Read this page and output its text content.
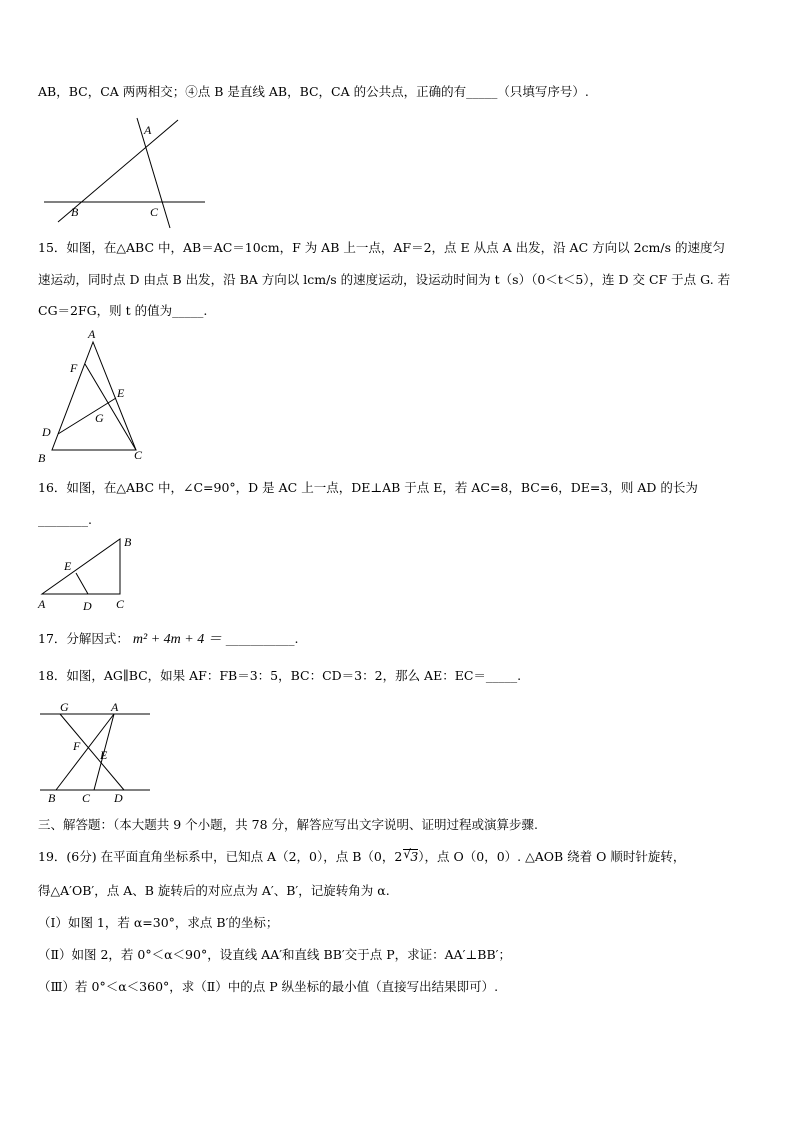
AB，BC，CA 两两相交；④点 B 是直线 AB，BC，CA 的公共点，正确的有_____（只填写序号）.
A
B	C
15．如图，在△ABC 中，AB＝AC＝10cm，F 为 AB 上一点，AF＝2，点 E 从点 A 出发，沿 AC 方向以 2cm/s 的速度匀
速运动，同时点 D 由点 B 出发，沿 BA 方向以 lcm/s 的速度运动，设运动时间为 t（s）（0＜t＜5），连 D 交 CF 于点 G. 若
CG＝2FG，则 t 的值为_____.
A
F
E
G
D
B	C
16．如图，在△ABC 中，∠C=90°，D 是 AC 上一点，DE⊥AB 于点 E，若 AC=8，BC=6，DE=3，则 AD 的长为
________.
B
E
A	D C
17．分解因式： m² + 4m + 4 ＝ ___________.
18．如图，AG∥BC，如果 AF：FB＝3：5，BC：CD＝3：2，那么 AE：EC＝_____.
G	A
F
E
B C D
三、解答题：（本大题共 9 个小题，共 78 分，解答应写出文字说明、证明过程或演算步骤.
19．(6分) 在平面直角坐标系中，已知点 A（2，0），点 B（0，2 √ 3），点 O（0，0）. △AOB 绕着 O 顺时针旋转，
得△A′OB′，点 A、B 旋转后的对应点为 A′、B′，记旋转角为 α.
（I）如图 1，若 α=30°，求点 B′的坐标；
（Ⅱ）如图 2，若 0°＜α＜90°，设直线 AA′和直线 BB′交于点 P，求证：AA′⊥BB′；
（Ⅲ）若 0°＜α＜360°，求（Ⅱ）中的点 P 纵坐标的最小值（直接写出结果即可）.
